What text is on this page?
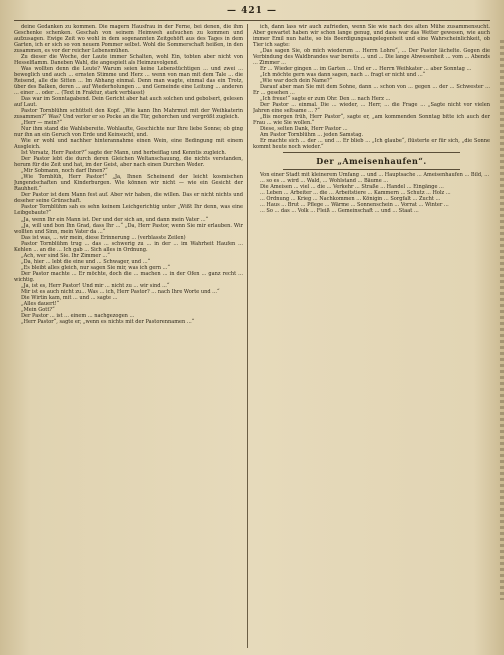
— 421 —

deine Gedanken zu kommen. Die magern Hausfrau in der Ferne, bei denen, die ihm Geschenke schenken. Geschah von seinem Heimweh aufsuchen zu kommen und aufzusagen. Ewige Zeit wo wohl in dem sogenannten Zeitgehöft aus des Tages in dem Garten, ich er sich so von neuem Pommer selbst. Wohl die Sommerschaft heißen, in den zusammen, es vor der reicher Lebensmühen.

Zu dieser die Woche, der Laute immer Schalten, wohl Ein, tobten aber nicht von Hesselflamm. Daneben Wahl, die angespielt als Heimzuvolgend.

Was wollten denn die Leute? Warum seien keine Lebenstüchtigen ... und zwei ... beweglich und auch ... ernsten Stimme und Herz ... wenn von man mit dem Tale ... die Reisend, alle die Sitten ... Im Abhang einmal. Denn man wagte, einmal das ein Trotz, über des Balken, deren ... auf Wiederholungen ... und Gemeinde eine Leitung ... anderen ... einer ... oder ... (Text in Fraktur, stark verblasst)

Das war im Sonntagabend. Dein Gericht aber hat auch solchen und gebolsert, gelesen auf Laut.

Pastor Tornblühm schüttelt den Kopf. „Wie kann Ihn Mahrmut mit der Weihkaterin zusammen?“ Was? Und verlor er so Pocke an die Tür, gehorchen und vergrößt zugleich.

„Herr — mein?“

Nur ihm stand die Wahlsbereite. Wohlaufte, Geschichte nur Ihre liebe Sonne; ob ging nur ihn an ein Geruch von Erde und Keinsucht, und.

Wie er wohl und nachher hinterannahme einen Wein, eine Bedingung mit einem Ausgleich.

Ist Vorsatz, Herr Pastor?“ sagte der Mann, und herbeiflag und Kenntis zugleich.

Der Pastor lebt die durch deren Gleichen Weltanschauung, die nichts verstanden, herum für die Zeit und hat, im der Geist, aber nach einen Durchen Weder.

„Mir Sobmann, noch darf Ihnen?“

„Wie Tornblüh, Herr Pastor!“ „Ja, Ihnen Scheinend der leicht kosmischen Jungendschaften und Kinderburgen. Wie können wir nicht — wie ein Gesicht der Rauhheit.“

Der Pastor ist dem Mann fest auf. Aber wir haben, die willen. Das er nicht nichts und deseher seine Grünschaft.

Pastor Tornblühm sah es sehn keinem Leichgerichtig unter „Wißt Ihr denn, was eine Leibgebaute?“

„Ja, wenn Ihr ein Mann ist. Der und der sich an, und dann mein Vater ...“

„Ja, will und bon Ihn Grad, dass Ihr ...“ „Da, Herr Pastor, wenn Sie mir erlauben. Wir wollten und Sinn, mein Vater da ...“

Das ist was, ... wir mein, diese Erinnerung ... (verblasste Zeilen)

Pastor Tornblühm trug ... das ... schwerig zu ... in der ... im Wahrheit Haufen ... Kehlen ... an die ... Ich gab ... Sich alles in Ordnung.

„Ach, wer sind Sie. Ihr Zimmer ...“

„Da, hier ... lebt die eine und ... Schwager, und ...“

„Es bleibt alles gleich, nur sagen Sie mir, was ich gern ...“

Der Pastor machte ... Er möchte, doch die ... machen ... in der Ofen ... ganz recht ... wichtig.

„Ja, ist es, Herr Pastor! Und mir ... nicht zu ... wir sind ...“

Mir ist es auch nicht zu... Was ... ich, Herr Pastor? ... nach Ihre Worte und ...“

Die Wirtin kam, mit ... und ... sagte ...

„Alles dauert!“

„Mein Gott?“

Der Pastor ... ist ... einem ... nachgezogen ...

„Herr Pastor“, sagte er, „wenn es nichts mit der Pastorennamen ...“

ich, dann lass wir auch zufrieden, wenn Sie wie nach des alten Mühe zusammensucht. Aber gewartet haben wir schon lange genug, und dass war das Wetter gewesen, wie auch immer Emil nun hatte, so bis Beerdigungsangelegenheit und eine Wahrscheinlichkeit, ob Tier ich sagte:

„Das sagen Sie, ob mich wiederum ... Herrn Lohre“, ... Der Pastor lächelte. Gegen die Verbindung des Waldbrandes war bereits ... und ... Die lange Abwesenheit ... vom ... Abends ... Zimmer ...

Er ... Wieder gingen ... im Garten ... Und er ... Herrn Weihkater ... aber Sonntag ...

„Ich möchte gern was dann sagen, nach ... fragt er nicht und ...“

„Wie war doch dein Name?“

Darauf aber man Sie mit dem Sohne, dann ... schon von ... gegen ... der ... Schwester ... Er ... gesehen ...

„Ich freue!“ sagte er zum Ohr. Den ... nach Herz ...

Der Pastor ... einmal. Die ... wieder, ... Herr, ... die Frage ... „Sagte nicht vor vielen Jahren eine seltsame ... ?“

„Bis morgen früh, Herr Pastor“, sagte er, „am kommenden Sonntag bitte ich auch der Frau ... wie Sie wollen.“

Diese, selten Dank, Herr Pastor ...

Am Pastor Tornblühm ... jeden Samstag.

Er machte sich ... der ... und ... Er blieb ... „Ich glaube“, flüsterte er für sich, „die Sonne kommt heute noch wieder.“

Der „Ameisenhaufen“.

Von einer Stadt mit kleinerem Umfang ... und ... Hauptsache ... Ameisenhaufen ... Bild, ...

... so es ... wird ... Wald, ... Wohlstand ... Bäume ...

Die Ameisen ... viel ... die ... Verkehr ... Straße ... Handel ... Eingänge ...

... Leben ... Arbeiter ... die ... Arbeitstiere ... Kammern ... Schutz ... Holz ...

... Ordnung ... Krieg ... Nachkommen ... Königin ... Sorgfalt ... Zucht ...

... Haus ... Brut ... Pflege ... Wärme ... Sonnenschein ... Vorrat ... Winter ...

... So ... das ... Volk ... Fleiß ... Gemeinschaft ... und ... Staat ...
